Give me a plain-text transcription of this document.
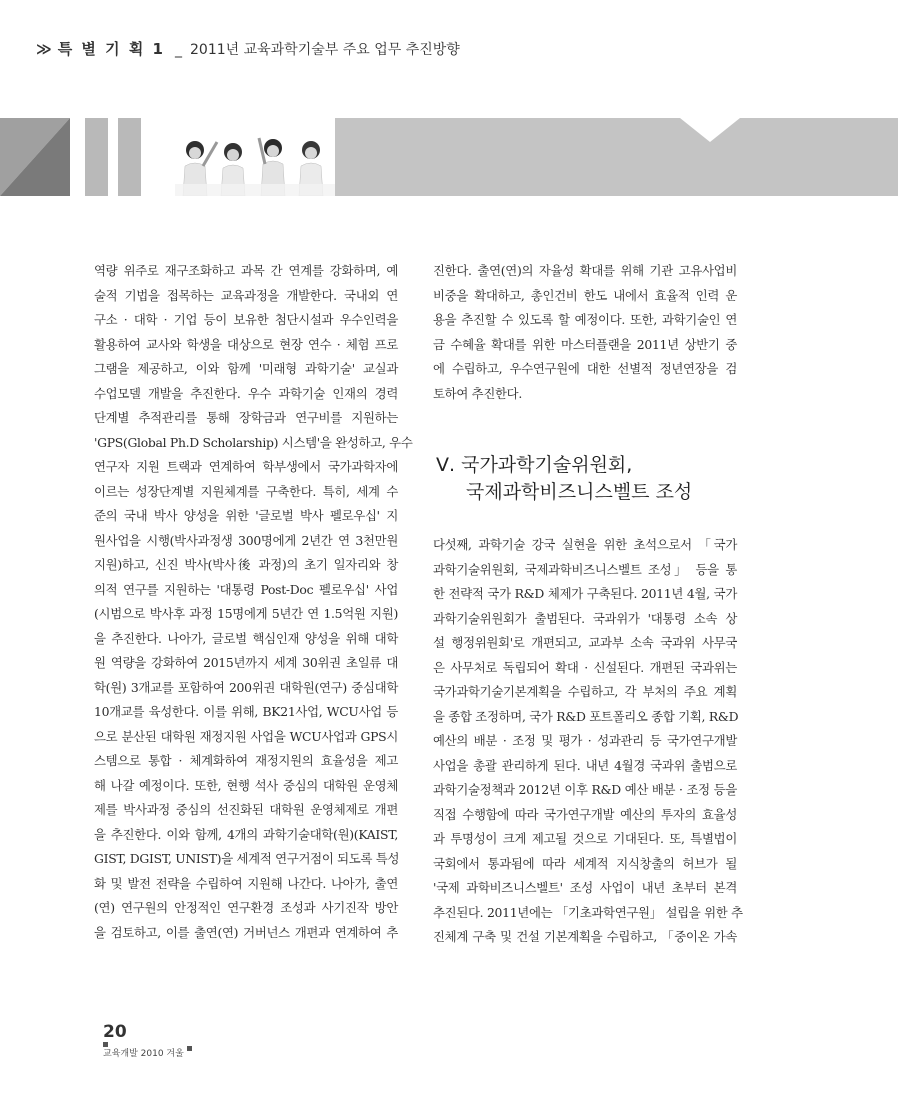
≫ 특 별 기 획 1 _ 2011년 교육과학기술부 주요 업무 추진방향
역량 위주로 재구조화하고 과목 간 연계를 강화하며, 예
술적 기법을 접목하는 교육과정을 개발한다. 국내외 연
구소 · 대학 · 기업 등이 보유한 첨단시설과 우수인력을
활용하여 교사와 학생을 대상으로 현장 연수 · 체험 프로
그램을 제공하고, 이와 함께 '미래형 과학기술' 교실과
수업모델 개발을 추진한다. 우수 과학기술 인재의 경력
단계별 추적관리를 통해 장학금과 연구비를 지원하는
'GPS(Global Ph.D Scholarship) 시스템'을 완성하고, 우수
연구자 지원 트랙과 연계하여 학부생에서 국가과학자에
이르는 성장단계별 지원체계를 구축한다. 특히, 세계 수
준의 국내 박사 양성을 위한 '글로벌 박사 펠로우십' 지
원사업을 시행(박사과정생 300명에게 2년간 연 3천만원
지원)하고, 신진 박사(박사後 과정)의 초기 일자리와 창
의적 연구를 지원하는 '대통령 Post-Doc 펠로우십' 사업
(시범으로 박사후 과정 15명에게 5년간 연 1.5억원 지원)
을 추진한다. 나아가, 글로벌 핵심인재 양성을 위해 대학
원 역량을 강화하여 2015년까지 세계 30위권 초일류 대
학(원) 3개교를 포함하여 200위권 대학원(연구) 중심대학
10개교를 육성한다. 이를 위해, BK21사업, WCU사업 등
으로 분산된 대학원 재정지원 사업을 WCU사업과 GPS시
스템으로 통합 · 체계화하여 재정지원의 효율성을 제고
해 나갈 예정이다. 또한, 현행 석사 중심의 대학원 운영체
제를 박사과정 중심의 선진화된 대학원 운영체제로 개편
을 추진한다. 이와 함께, 4개의 과학기술대학(원)(KAIST,
GIST, DGIST, UNIST)을 세계적 연구거점이 되도록 특성
화 및 발전 전략을 수립하여 지원해 나간다. 나아가, 출연
(연) 연구원의 안정적인 연구환경 조성과 사기진작 방안
을 검토하고, 이를 출연(연) 거버넌스 개편과 연계하여 추
진한다. 출연(연)의 자율성 확대를 위해 기관 고유사업비
비중을 확대하고, 총인건비 한도 내에서 효율적 인력 운
용을 추진할 수 있도록 할 예정이다. 또한, 과학기술인 연
금 수혜율 확대를 위한 마스터플랜을 2011년 상반기 중
에 수립하고, 우수연구원에 대한 선별적 정년연장을 검
토하여 추진한다.
Ⅴ. 국가과학기술위원회,
국제과학비즈니스벨트 조성
다섯째, 과학기술 강국 실현을 위한 초석으로서 「국가
과학기술위원회, 국제과학비즈니스벨트 조성」 등을 통
한 전략적 국가 R&D 체제가 구축된다. 2011년 4월, 국가
과학기술위원회가 출범된다. 국과위가 '대통령 소속 상
설 행정위원회'로 개편되고, 교과부 소속 국과위 사무국
은 사무처로 독립되어 확대 · 신설된다. 개편된 국과위는
국가과학기술기본계획을 수립하고, 각 부처의 주요 계획
을 종합 조정하며, 국가 R&D 포트폴리오 종합 기획, R&D
예산의 배분 · 조정 및 평가 · 성과관리 등 국가연구개발
사업을 총괄 관리하게 된다. 내년 4월경 국과위 출범으로
과학기술정책과 2012년 이후 R&D 예산 배분 · 조정 등을
직접 수행함에 따라 국가연구개발 예산의 투자의 효율성
과 투명성이 크게 제고될 것으로 기대된다. 또, 특별법이
국회에서 통과됨에 따라 세계적 지식창출의 허브가 될
'국제 과학비즈니스벨트' 조성 사업이 내년 초부터 본격
추진된다. 2011년에는 「기초과학연구원」 설립을 위한 추
진체계 구축 및 건설 기본계획을 수립하고, 「중이온 가속
20
교육개발 2010 겨울
